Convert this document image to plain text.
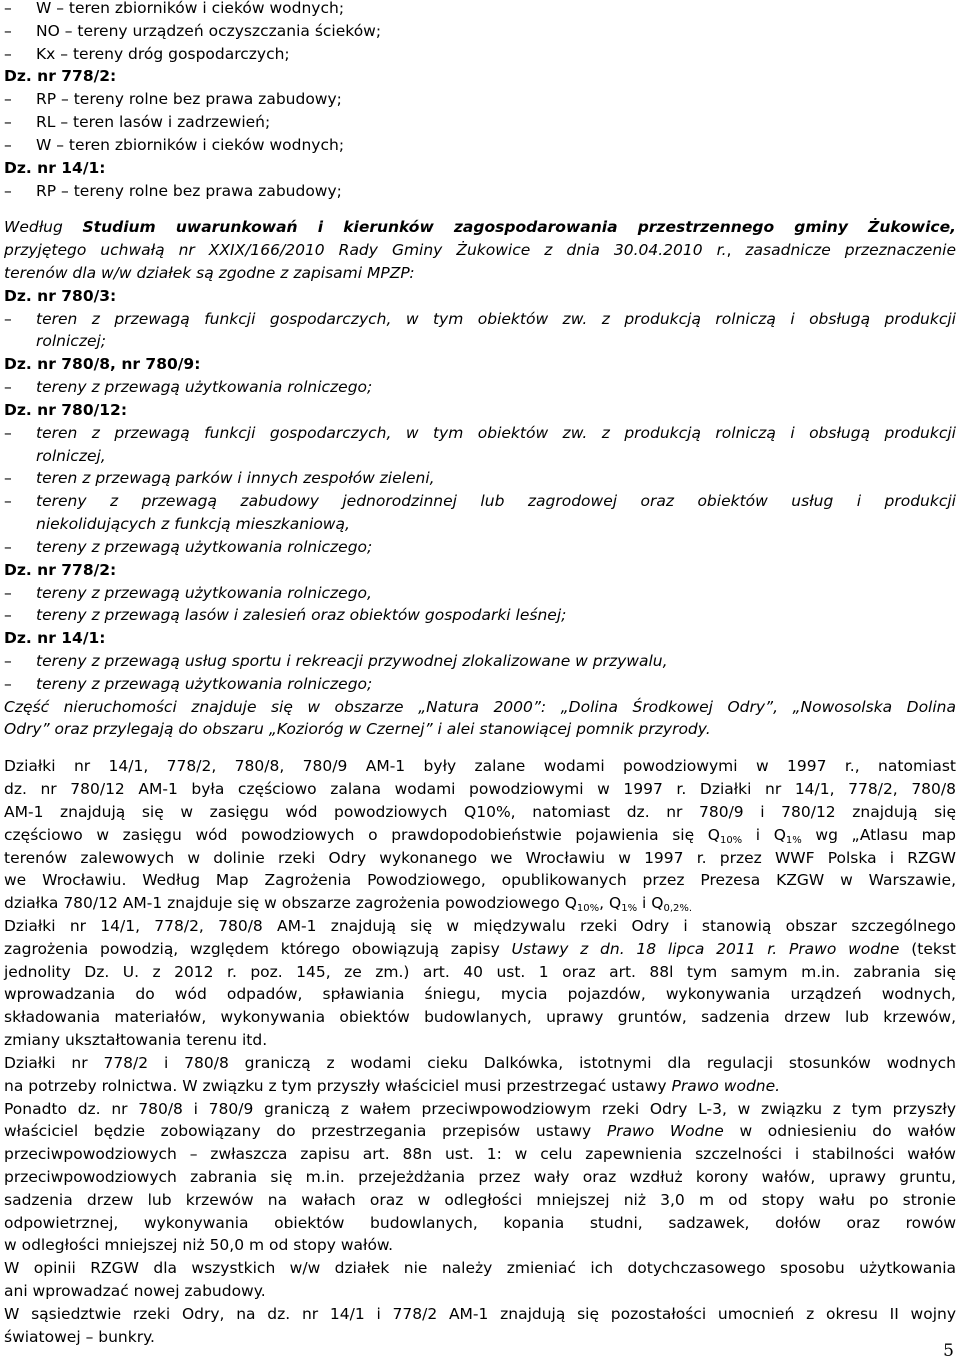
–	W – teren zbiorników i cieków wodnych;
–	NO – tereny urządzeń oczyszczania ścieków;
–	Kx – tereny dróg gospodarczych;
Dz. nr 778/2:
–	RP – tereny rolne bez prawa zabudowy;
–	RL – teren lasów i zadrzewień;
–	W – teren zbiorników i cieków wodnych;
Dz. nr 14/1:
–	RP – tereny rolne bez prawa zabudowy;
Według Studium uwarunkowań i kierunków zagospodarowania przestrzennego gminy Żukowice,
przyjętego uchwałą nr XXIX/166/2010 Rady Gminy Żukowice z dnia 30.04.2010 r., zasadnicze przeznaczenie
terenów dla w/w działek są zgodne z zapisami MPZP:
Dz. nr 780/3:
–	teren z przewagą funkcji gospodarczych, w tym obiektów zw. z produkcją rolniczą i obsługą produkcji
rolniczej;
Dz. nr 780/8, nr 780/9:
–	tereny z przewagą użytkowania rolniczego;
Dz. nr 780/12:
–	teren z przewagą funkcji gospodarczych, w tym obiektów zw. z produkcją rolniczą i obsługą produkcji
rolniczej,
–	teren z przewagą parków i innych zespołów zieleni,
–	tereny z przewagą zabudowy jednorodzinnej lub zagrodowej oraz obiektów usług i produkcji
niekolidujących z funkcją mieszkaniową,
–	tereny z przewagą użytkowania rolniczego;
Dz. nr 778/2:
–	tereny z przewagą użytkowania rolniczego,
–	tereny z przewagą lasów i zalesień oraz obiektów gospodarki leśnej;
Dz. nr 14/1:
–	tereny z przewagą usług sportu i rekreacji przywodnej zlokalizowane w przywalu,
–	tereny z przewagą użytkowania rolniczego;
Część nieruchomości znajduje się w obszarze „Natura 2000”: „Dolina Środkowej Odry”, „Nowosolska Dolina
Odry” oraz przylegają do obszaru „Kozioróg w Czernej” i alei stanowiącej pomnik przyrody.
Działki nr 14/1, 778/2, 780/8, 780/9 AM-1 były zalane wodami powodziowymi w 1997 r., natomiast
dz. nr 780/12 AM-1 była częściowo zalana wodami powodziowymi w 1997 r. Działki nr 14/1, 778/2, 780/8
AM-1 znajdują się w zasięgu wód powodziowych Q10%, natomiast dz. nr 780/9 i 780/12 znajdują się
częściowo w zasięgu wód powodziowych o prawdopodobieństwie pojawienia się $Q_{10\%}$ i $Q_{1\%}$ wg „Atlasu map
terenów zalewowych w dolinie rzeki Odry wykonanego we Wrocławiu w 1997 r. przez WWF Polska i RZGW
we Wrocławiu. Według Map Zagrożenia Powodziowego, opublikowanych przez Prezesa KZGW w Warszawie,
działka 780/12 AM-1 znajduje się w obszarze zagrożenia powodziowego $Q_{10\%}$, $Q_{1\%}$ i $Q_{0,2\%.}$
Działki nr 14/1, 778/2, 780/8 AM-1 znajdują się w międzywalu rzeki Odry i stanowią obszar szczególnego
zagrożenia powodzią, względem którego obowiązują zapisy Ustawy z dn. 18 lipca 2011 r. Prawo wodne (tekst
jednolity Dz. U. z 2012 r. poz. 145, ze zm.) art. 40 ust. 1 oraz art. 88l tym samym m.in. zabrania się
wprowadzania do wód odpadów, spławiania śniegu, mycia pojazdów, wykonywania urządzeń wodnych,
składowania materiałów, wykonywania obiektów budowlanych, uprawy gruntów, sadzenia drzew lub krzewów,
zmiany ukształtowania terenu itd.
Działki nr 778/2 i 780/8 graniczą z wodami cieku Dalkówka, istotnymi dla regulacji stosunków wodnych
na potrzeby rolnictwa. W związku z tym przyszły właściciel musi przestrzegać ustawy Prawo wodne.
Ponadto dz. nr 780/8 i 780/9 graniczą z wałem przeciwpowodziowym rzeki Odry L-3, w związku z tym przyszły
właściciel będzie zobowiązany do przestrzegania przepisów ustawy Prawo Wodne w odniesieniu do wałów
przeciwpowodziowych – zwłaszcza zapisu art. 88n ust. 1: w celu zapewnienia szczelności i stabilności wałów
przeciwpowodziowych zabrania się m.in. przejeżdżania przez wały oraz wzdłuż korony wałów, uprawy gruntu,
sadzenia drzew lub krzewów na wałach oraz w odległości mniejszej niż 3,0 m od stopy wału po stronie
odpowietrznej, wykonywania obiektów budowlanych, kopania studni, sadzawek, dołów oraz rowów
w odległości mniejszej niż 50,0 m od stopy wałów.
W opinii RZGW dla wszystkich w/w działek nie należy zmieniać ich dotychczasowego sposobu użytkowania
ani wprowadzać nowej zabudowy.
W sąsiedztwie rzeki Odry, na dz. nr 14/1 i 778/2 AM-1 znajdują się pozostałości umocnień z okresu II wojny
światowej – bunkry.
5
